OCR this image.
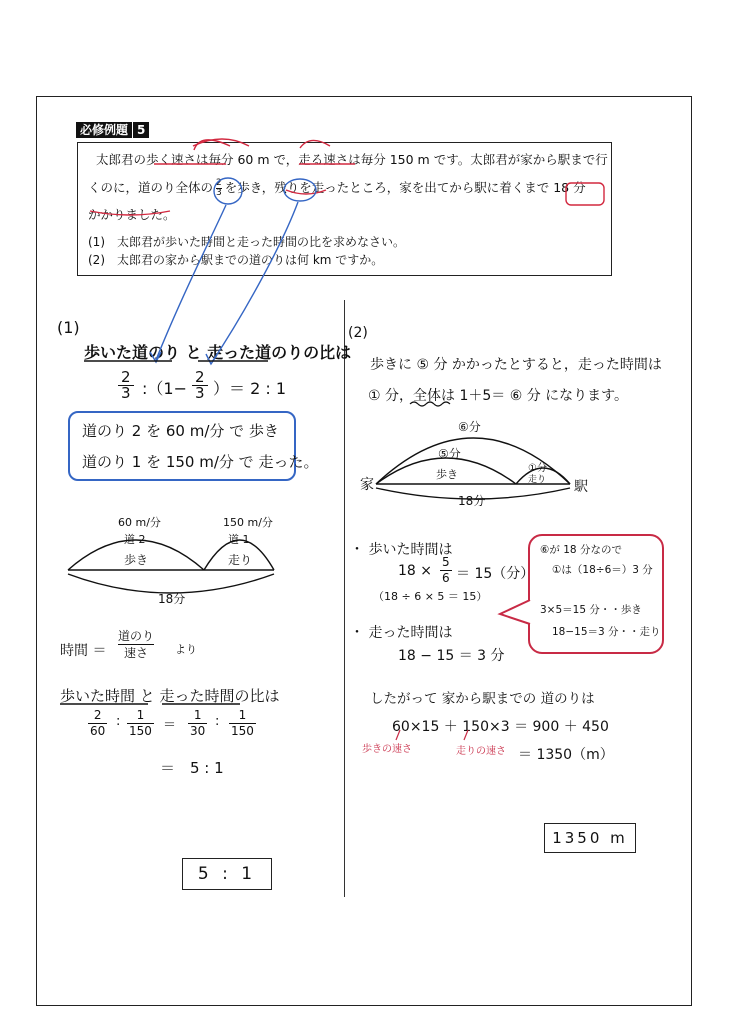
必修例題 5
太郎君の歩く速さは毎分 60 m で，走る速さは毎分 150 m です。太郎君が家から駅まで行
くのに，道のり全体の $\frac{2}{3}$ を歩き，残りを走ったところ，家を出てから駅に着くまで 18 分
かかりました。
(1)　 太郎君が歩いた時間と走った時間の比を求めなさい。
(2)　 太郎君の家から駅までの道のりは何 km ですか。
(1)
歩いた道のり と 走った道のりの比は
$\frac{2}{3}$ :（1− $\frac{2}{3}$ ）＝ 2 : 1
道のり 2 を 60 m/分 で 歩き
道のり 1 を 150 m/分 で 走った。
60 m/分	150 m/分
道 2	道 1
歩き	走り
18分
時間 ＝
道のり

速さ	より
歩いた時間 と 走った時間の比は
$\frac{2}{60}$ : $\frac{1}{150} = \frac{1}{30}$ : $\frac{1}{150}$
＝　5 : 1
5 : 1
(2)
歩きに ⑤ 分 かかったとすると，走った時間は
① 分，全体は 1＋5＝ ⑥ 分 になります。
⑥分
⑤分
①分
歩き	走り
家	駅
18分
・ 歩いた時間は
$18 \times \frac{5}{6} = 15$（分）
（18 ÷ 6 × 5 ＝ 15）
・ 走った時間は
18 − 15 ＝ 3 分
⑥が 18 分なので
①は（18÷6＝）3 分
3×5＝15 分・・歩き
18−15＝3 分・・走り
したがって 家から駅までの 道のりは
60×15 ＋ 150×3 ＝ 900 ＋ 450
歩きの速さ	走りの速さ ＝ 1350（m）
1350 m
